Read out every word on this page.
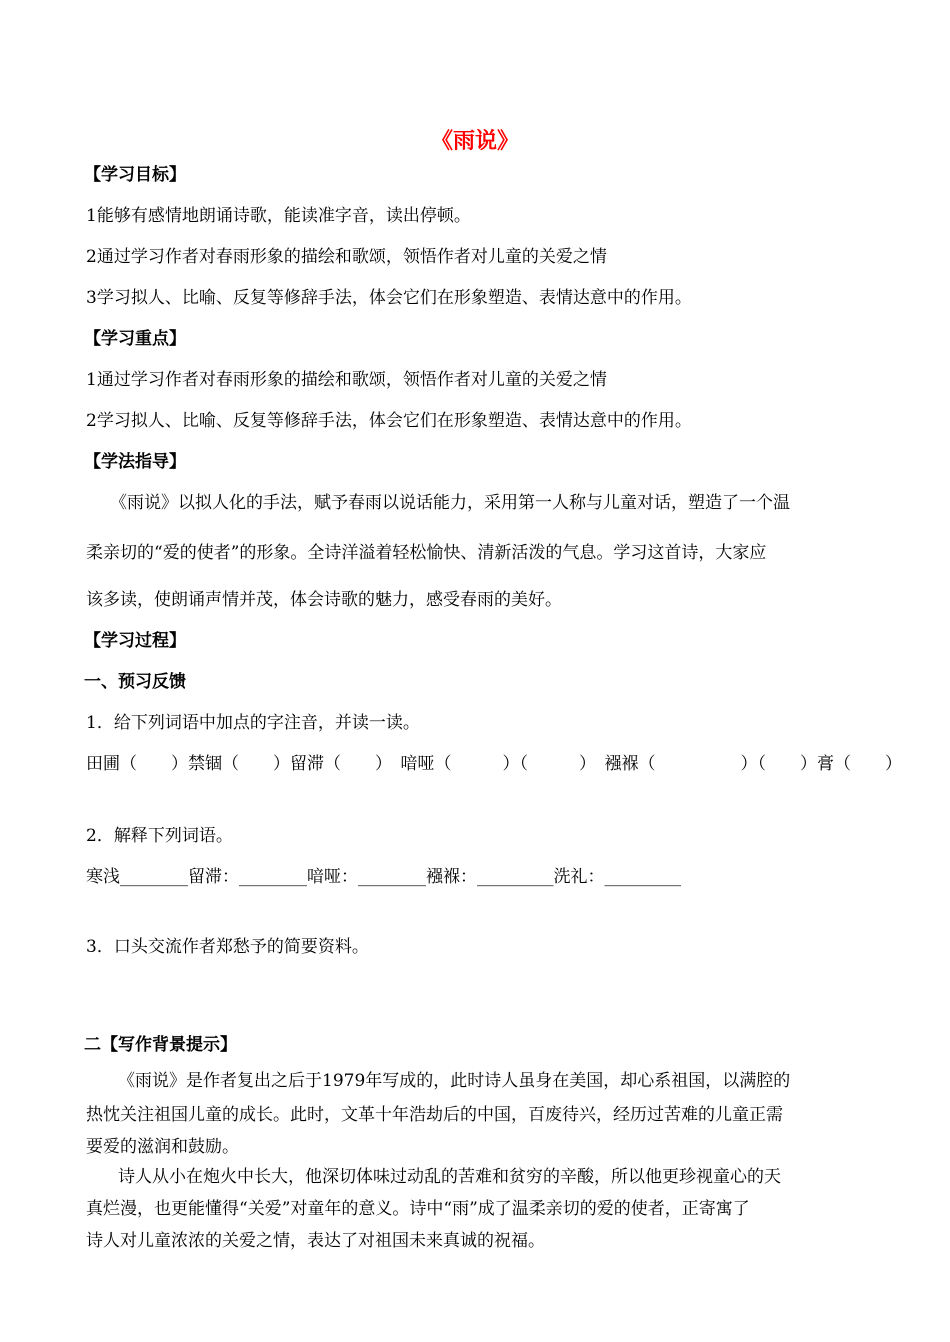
《雨说》
【学习目标】
1能够有感情地朗诵诗歌，能读准字音，读出停顿。
2通过学习作者对春雨形象的描绘和歌颂，领悟作者对儿童的关爱之情
3学习拟人、比喻、反复等修辞手法，体会它们在形象塑造、表情达意中的作用。
【学习重点】
1通过学习作者对春雨形象的描绘和歌颂，领悟作者对儿童的关爱之情
2学习拟人、比喻、反复等修辞手法，体会它们在形象塑造、表情达意中的作用。
【学法指导】
《雨说》以拟人化的手法，赋予春雨以说话能力，采用第一人称与儿童对话，塑造了一个温
柔亲切的“爱的使者”的形象。全诗洋溢着轻松愉快、清新活泼的气息。学习这首诗，大家应
该多读，使朗诵声情并茂，体会诗歌的魅力，感受春雨的美好。
【学习过程】
一、预习反馈
1．给下列词语中加点的字注音，并读一读。
田圃（　　）禁锢（　　）留滞（　　）　喑哑（　　　）（　　　）　襁褓（　　　　　）（　　）膏（　　）
2．解释下列词语。
寒浅________留滞：________喑哑：________襁褓：_________洗礼：_________
3．口头交流作者郑愁予的简要资料。
二【写作背景提示】
《雨说》是作者复出之后于1979年写成的，此时诗人虽身在美国，却心系祖国，以满腔的
热忱关注祖国儿童的成长。此时，文革十年浩劫后的中国，百废待兴，经历过苦难的儿童正需
要爱的滋润和鼓励。
诗人从小在炮火中长大，他深切体味过动乱的苦难和贫穷的辛酸，所以他更珍视童心的天
真烂漫，也更能懂得“关爱”对童年的意义。诗中“雨”成了温柔亲切的爱的使者，正寄寓了
诗人对儿童浓浓的关爱之情，表达了对祖国未来真诚的祝福。
